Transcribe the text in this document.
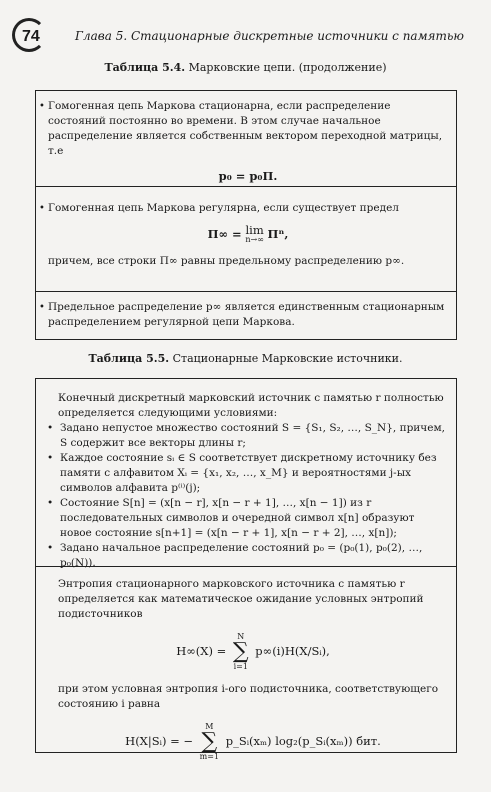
74	Глава 5. Стационарные дискретные источники с памятью
Таблица 5.4. Марковские цепи. (продолжение)
• Гомогенная цепь Маркова стационарна, если распределение состояний постоянно во времени. В этом случае начальное распределение является собственным вектором переходной матрицы, т.е

p₀ = p₀Π.
• Гомогенная цепь Маркова регулярна, если существует предел

Π∞ = lim
n→∞ Πⁿ,

причем, все строки Π∞ равны предельному распределению p∞.

• Предельное распределение p∞ является единственным стационарным распределением регулярной цепи Маркова.

Таблица 5.5. Стационарные Марковские источники.

Конечный дискретный марковский источник с памятью r полностью определяется следующими условиями:

• Задано непустое множество состояний S = {S₁, S₂, …, S_N}, причем, S содержит все векторы длины r;
• Каждое состояние sᵢ ∈ S соответствует дискретному источнику без памяти с алфавитом Xᵢ = {x₁, x₂, …, x_M} и вероятностями j-ых символов алфавита p⁽ⁱ⁾(j);
• Состояние S[n] = (x[n − r], x[n − r + 1], …, x[n − 1]) из r последовательных символов и очередной символ x[n] образуют новое состояние s[n+1] = (x[n − r + 1], x[n − r + 2], …, x[n]);
• Задано начальное распределение состояний p₀ = (p₀(1), p₀(2), …, p₀(N)).

Энтропия стационарного марковского источника с памятью r определяется как математическое ожидание условных энтропий подисточников

H∞(X) =
N
∑
i=1
p∞(i)H(X/Sᵢ),

при этом условная энтропия i-ого подисточника, соответствующего состоянию i равна

H(X|Sᵢ) = −
M
∑
m=1
p_Sᵢ(xₘ) log₂(p_Sᵢ(xₘ)) бит.
